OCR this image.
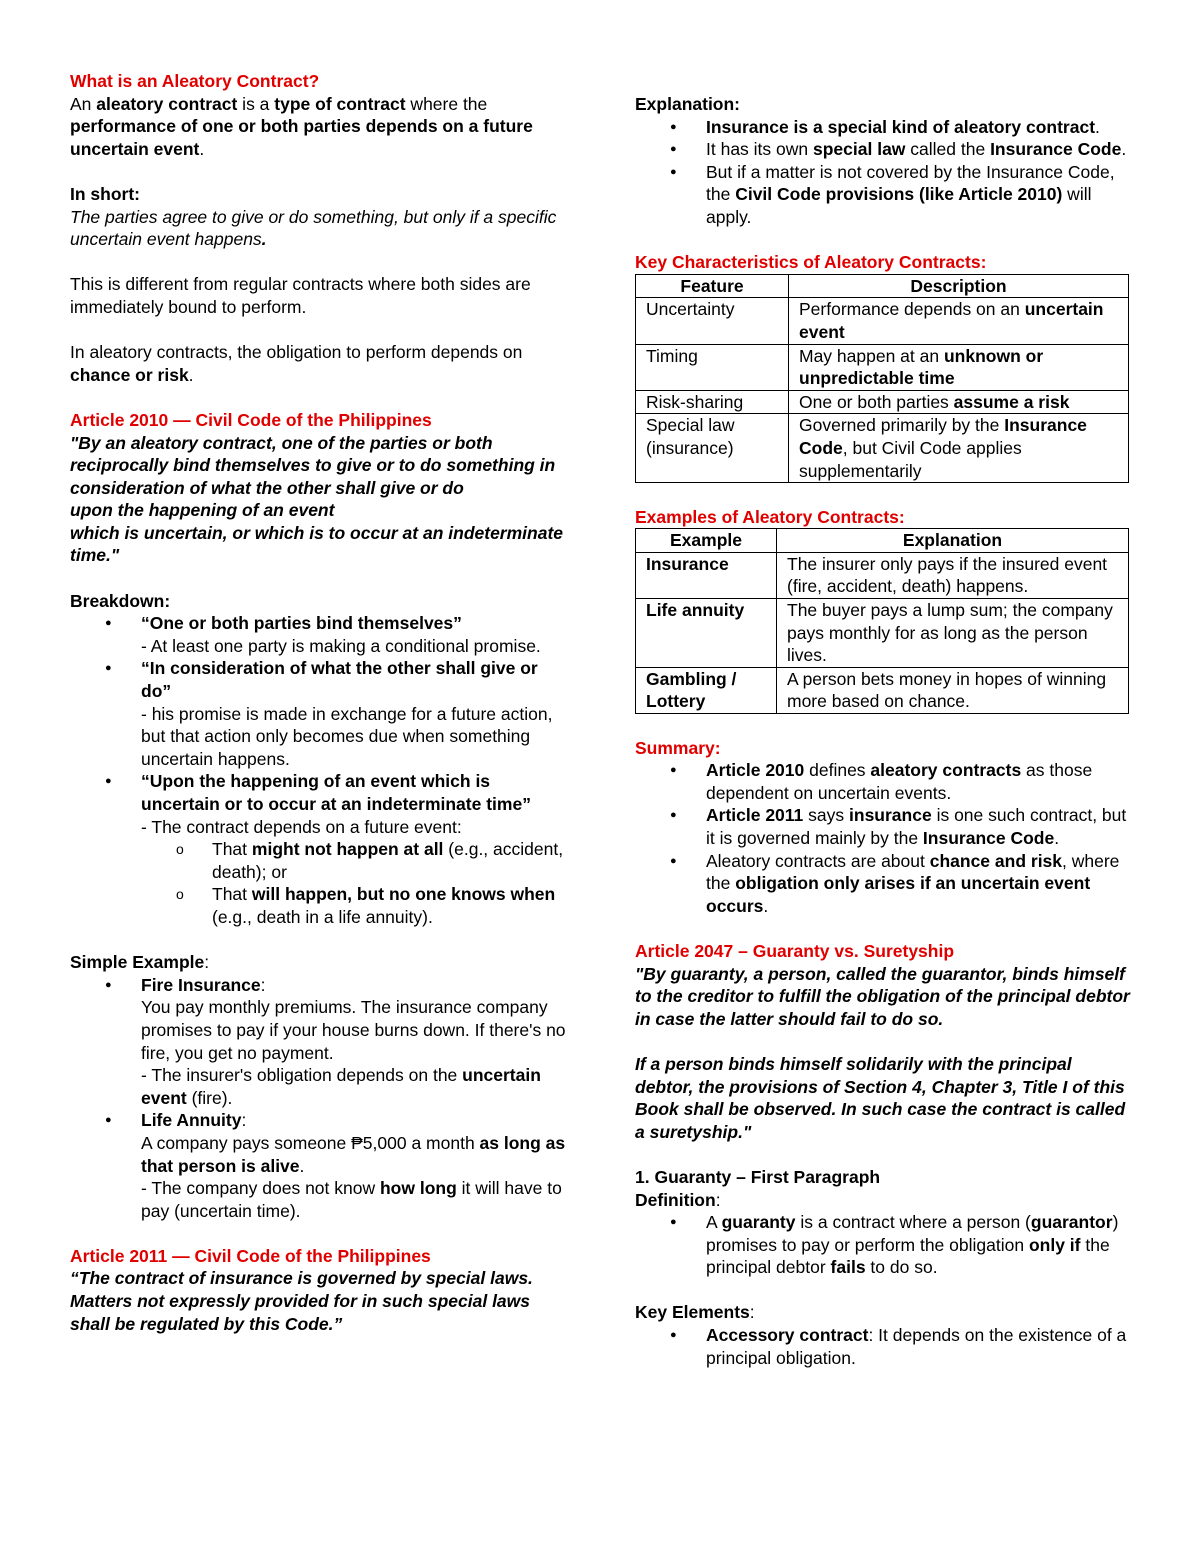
What is an Aleatory Contract?

An aleatory contract is a type of contract where the performance of one or both parties depends on a future uncertain event.

In short:

The parties agree to give or do something, but only if a specific uncertain event happens.

This is different from regular contracts where both sides are immediately bound to perform.

In aleatory contracts, the obligation to perform depends on chance or risk.

Article 2010 — Civil Code of the Philippines

"By an aleatory contract, one of the parties or both reciprocally bind themselves to give or to do something in consideration of what the other shall give or do

upon the happening of an event

which is uncertain, or which is to occur at an indeterminate time."

Breakdown:

● “One or both parties bind themselves”
- At least one party is making a conditional promise.
● “In consideration of what the other shall give or do”
- his promise is made in exchange for a future action, but that action only becomes due when something uncertain happens.
● “Upon the happening of an event which is uncertain or to occur at an indeterminate time”
- The contract depends on a future event:
o That might not happen at all (e.g., accident, death); or
o That will happen, but no one knows when (e.g., death in a life annuity).

Simple Example:

● Fire Insurance:
You pay monthly premiums. The insurance company promises to pay if your house burns down. If there's no fire, you get no payment.
- The insurer's obligation depends on the uncertain event (fire).
● Life Annuity:
A company pays someone ₱5,000 a month as long as that person is alive.
- The company does not know how long it will have to pay (uncertain time).

Article 2011 — Civil Code of the Philippines

“The contract of insurance is governed by special laws. Matters not expressly provided for in such special laws shall be regulated by this Code.”

Explanation:

● Insurance is a special kind of aleatory contract.
● It has its own special law called the Insurance Code.
● But if a matter is not covered by the Insurance Code, the Civil Code provisions (like Article 2010) will apply.

Key Characteristics of Aleatory Contracts:

Feature	Description
Uncertainty	Performance depends on an uncertain event
Timing	May happen at an unknown or unpredictable time
Risk-sharing	One or both parties assume a risk
Special law (insurance)	Governed primarily by the Insurance Code, but Civil Code applies supplementarily

Examples of Aleatory Contracts:

Example	Explanation
Insurance	The insurer only pays if the insured event (fire, accident, death) happens.
Life annuity	The buyer pays a lump sum; the company pays monthly for as long as the person lives.
Gambling / Lottery	A person bets money in hopes of winning more based on chance.

Summary:

● Article 2010 defines aleatory contracts as those dependent on uncertain events.
● Article 2011 says insurance is one such contract, but it is governed mainly by the Insurance Code.
● Aleatory contracts are about chance and risk, where the obligation only arises if an uncertain event occurs.

Article 2047 – Guaranty vs. Suretyship

"By guaranty, a person, called the guarantor, binds himself to the creditor to fulfill the obligation of the principal debtor in case the latter should fail to do so.

If a person binds himself solidarily with the principal debtor, the provisions of Section 4, Chapter 3, Title I of this Book shall be observed. In such case the contract is called a suretyship."

1. Guaranty – First Paragraph

Definition:

● A guaranty is a contract where a person (guarantor) promises to pay or perform the obligation only if the principal debtor fails to do so.

Key Elements:

● Accessory contract: It depends on the existence of a principal obligation.
